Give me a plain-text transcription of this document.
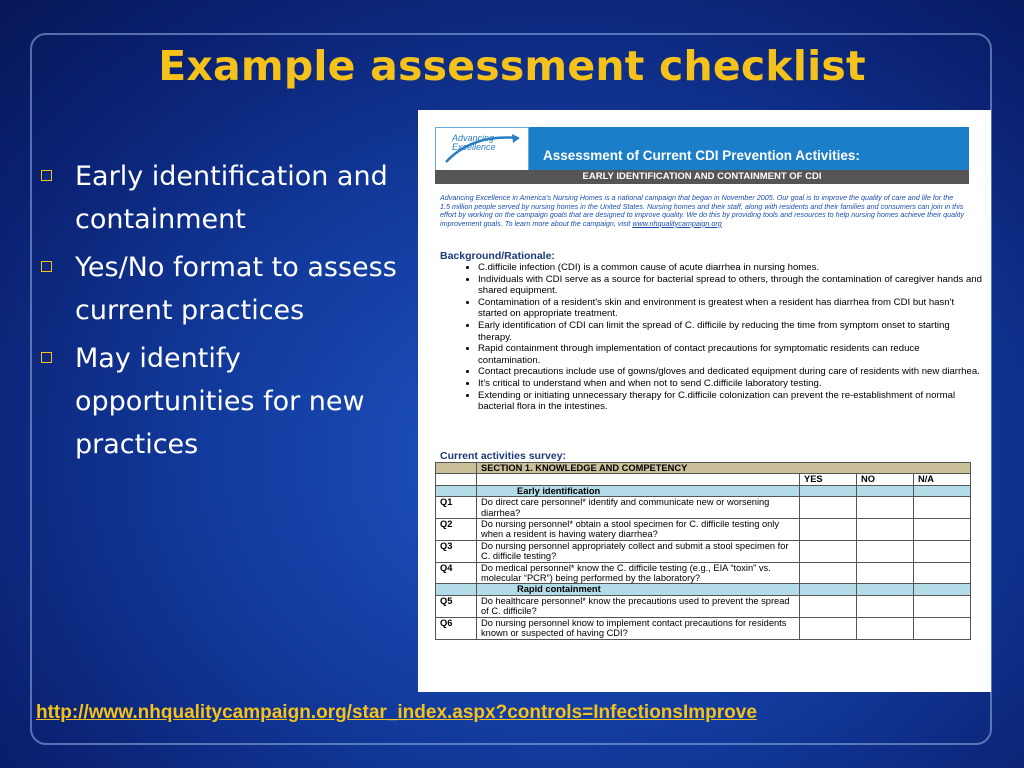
Example assessment checklist
Early identification and containment
Yes/No format to assess current practices
May identify opportunities for new practices
Advancing
Excellence
Assessment of Current CDI Prevention Activities:
EARLY IDENTIFICATION AND CONTAINMENT OF CDI
Advancing Excellence in America's Nursing Homes is a national campaign that began in November 2005. Our goal is to improve the quality of care and life for the 1.5 million people served by nursing homes in the United States. Nursing homes and their staff, along with residents and their families and consumers can join in this effort by working on the campaign goals that are designed to improve quality. We do this by providing tools and resources to help nursing homes achieve their quality improvement goals. To learn more about the campaign, visit www.nhqualitycampaign.org
Background/Rationale:
• C.difficile infection (CDI) is a common cause of acute diarrhea in nursing homes.
• Individuals with CDI serve as a source for bacterial spread to others, through the contamination of caregiver hands and shared equipment.
• Contamination of a resident's skin and environment is greatest when a resident has diarrhea from CDI but hasn't started on appropriate treatment.
• Early identification of CDI can limit the spread of C. difficile by reducing the time from symptom onset to starting therapy.
• Rapid containment through implementation of contact precautions for symptomatic residents can reduce contamination.
• Contact precautions include use of gowns/gloves and dedicated equipment during care of residents with new diarrhea.
• It's critical to understand when and when not to send C.difficile laboratory testing.
• Extending or initiating unnecessary therapy for C.difficile colonization can prevent the re-establishment of normal bacterial flora in the intestines.
Current activities survey:
	SECTION 1. KNOWLEDGE AND COMPETENCY			
		YES	NO	N/A
	Early identification			
Q1	Do direct care personnel* identify and communicate new or worsening diarrhea?			
Q2	Do nursing personnel* obtain a stool specimen for C. difficile testing only when a resident is having watery diarrhea?			
Q3	Do nursing personnel appropriately collect and submit a stool specimen for C. difficile testing?			
Q4	Do medical personnel* know the C. difficile testing (e.g., EIA “toxin” vs. molecular “PCR”) being performed by the laboratory?			
	Rapid containment			
Q5	Do healthcare personnel* know the precautions used to prevent the spread of C. difficile?			
Q6	Do nursing personnel know to implement contact precautions for residents known or suspected of having CDI?			
http://www.nhqualitycampaign.org/star_index.aspx?controls=InfectionsImprove
